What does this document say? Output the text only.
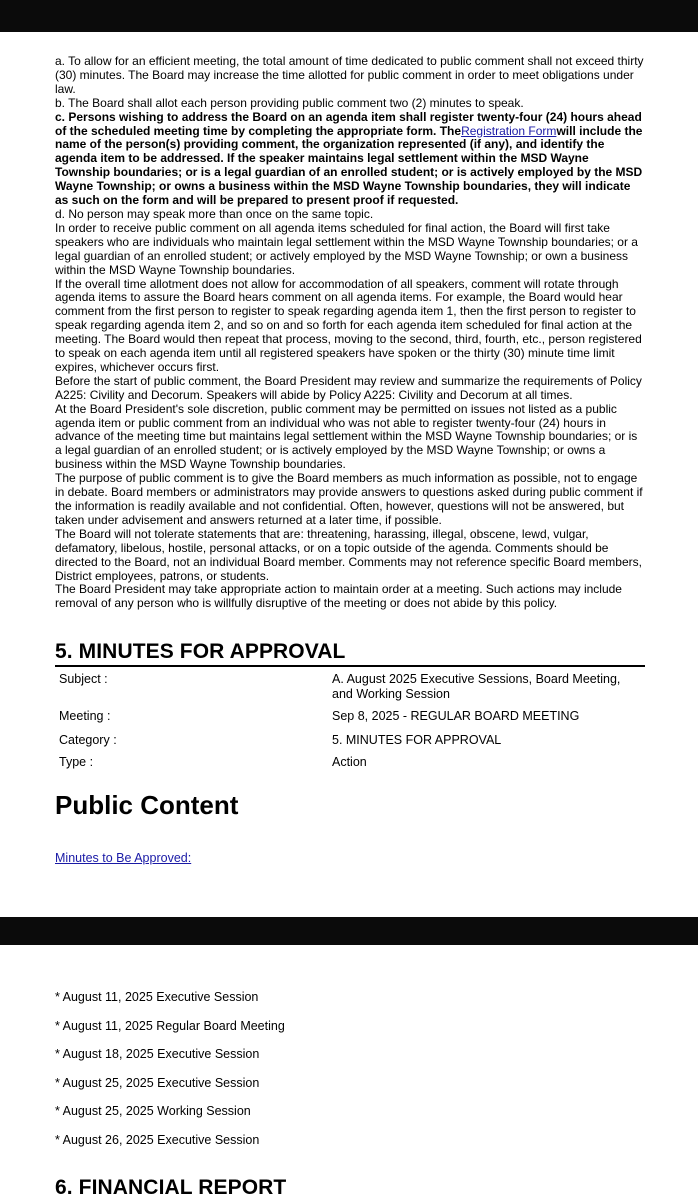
a. To allow for an efficient meeting, the total amount of time dedicated to public comment shall not exceed thirty (30) minutes. The Board may increase the time allotted for public comment in order to meet obligations under law.

b. The Board shall allot each person providing public comment two (2) minutes to speak.

c. Persons wishing to address the Board on an agenda item shall register twenty-four (24) hours ahead of the scheduled meeting time by completing the appropriate form. TheRegistration Formwill include the name of the person(s) providing comment, the organization represented (if any), and identify the agenda item to be addressed. If the speaker maintains legal settlement within the MSD Wayne Township boundaries; or is a legal guardian of an enrolled student; or is actively employed by the MSD Wayne Township; or owns a business within the MSD Wayne Township boundaries, they will indicate as such on the form and will be prepared to present proof if requested.

d. No person may speak more than once on the same topic.

In order to receive public comment on all agenda items scheduled for final action, the Board will first take speakers who are individuals who maintain legal settlement within the MSD Wayne Township boundaries; or a legal guardian of an enrolled student; or actively employed by the MSD Wayne Township; or own a business within the MSD Wayne Township boundaries.

If the overall time allotment does not allow for accommodation of all speakers, comment will rotate through agenda items to assure the Board hears comment on all agenda items. For example, the Board would hear comment from the first person to register to speak regarding agenda item 1, then the first person to register to speak regarding agenda item 2, and so on and so forth for each agenda item scheduled for final action at the meeting. The Board would then repeat that process, moving to the second, third, fourth, etc., person registered to speak on each agenda item until all registered speakers have spoken or the thirty (30) minute time limit expires, whichever occurs first.

Before the start of public comment, the Board President may review and summarize the requirements of Policy A225: Civility and Decorum. Speakers will abide by Policy A225: Civility and Decorum at all times.

At the Board President's sole discretion, public comment may be permitted on issues not listed as a public agenda item or public comment from an individual who was not able to register twenty-four (24) hours in advance of the meeting time but maintains legal settlement within the MSD Wayne Township boundaries; or is a legal guardian of an enrolled student; or is actively employed by the MSD Wayne Township; or owns a business within the MSD Wayne Township boundaries.

The purpose of public comment is to give the Board members as much information as possible, not to engage in debate. Board members or administrators may provide answers to questions asked during public comment if the information is readily available and not confidential. Often, however, questions will not be answered, but taken under advisement and answers returned at a later time, if possible.

The Board will not tolerate statements that are: threatening, harassing, illegal, obscene, lewd, vulgar, defamatory, libelous, hostile, personal attacks, or on a topic outside of the agenda. Comments should be directed to the Board, not an individual Board member. Comments may not reference specific Board members, District employees, patrons, or students.

The Board President may take appropriate action to maintain order at a meeting. Such actions may include removal of any person who is willfully disruptive of the meeting or does not abide by this policy.

5. MINUTES FOR APPROVAL
Subject :	A. August 2025 Executive Sessions, Board Meeting, and Working Session
Meeting :	Sep 8, 2025 - REGULAR BOARD MEETING
Category :	5. MINUTES FOR APPROVAL
Type :	Action
Public Content
Minutes to Be Approved:
* August 11, 2025 Executive Session
* August 11, 2025 Regular Board Meeting
* August 18, 2025 Executive Session
* August 25, 2025 Executive Session
* August 25, 2025 Working Session
* August 26, 2025 Executive Session
6. FINANCIAL REPORT
